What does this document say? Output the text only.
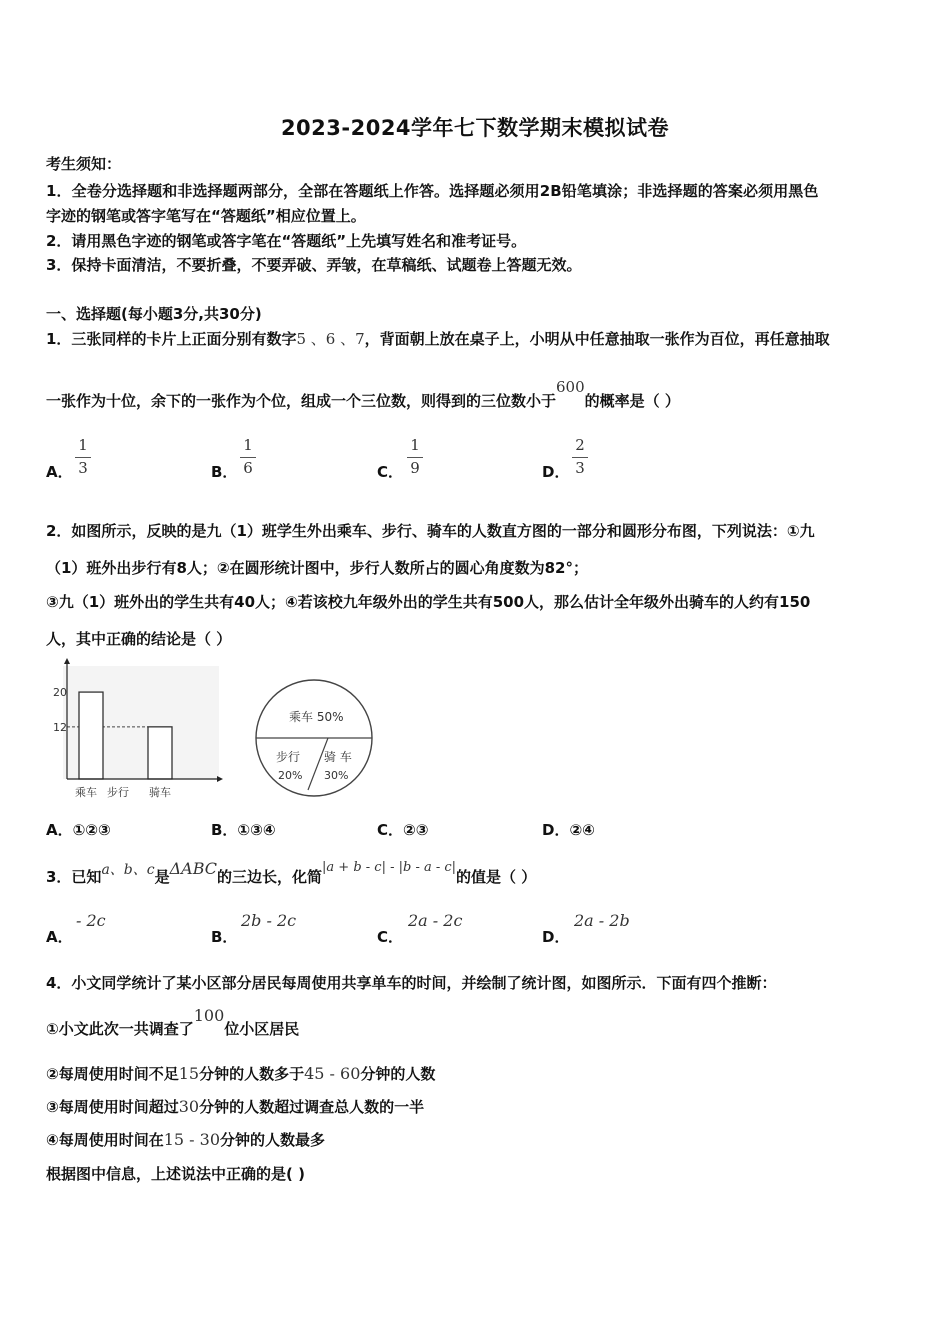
2023-2024学年七下数学期末模拟试卷
考生须知：
1．全卷分选择题和非选择题两部分，全部在答题纸上作答。选择题必须用2B铅笔填涂；非选择题的答案必须用黑色
字迹的钢笔或答字笔写在“答题纸”相应位置上。
2．请用黑色字迹的钢笔或答字笔在“答题纸”上先填写姓名和准考证号。
3．保持卡面清洁，不要折叠，不要弄破、弄皱，在草稿纸、试题卷上答题无效。
一、选择题(每小题3分,共30分)
1．三张同样的卡片上正面分别有数字5 、6 、7，背面朝上放在桌子上，小明从中任意抽取一张作为百位，再任意抽取
一张作为十位，余下的一张作为个位，组成一个三位数，则得到的三位数小于600的概率是（ ）
A．
1
3	B．
1
6	C．
1
9	D．
2
3
2．如图所示，反映的是九（1）班学生外出乘车、步行、骑车的人数直方图的一部分和圆形分布图，下列说法：①九
（1）班外出步行有8人；②在圆形统计图中，步行人数所占的圆心角度数为82°；
③九（1）班外出的学生共有40人；④若该校九年级外出的学生共有500人，那么估计全年级外出骑车的人约有150
人，其中正确的结论是（ ）
20
12
乘车 步行 骑车
乘车 50%
步行
20%
骑 车
30%
A．①②③	B．①③④	C．②③	D．②④
3．已知a、b、c是ΔABC的三边长，化简|a + b - c| - |b - a - c|的值是（ ）
A．
- 2c
B．
2b - 2c
C．
2a - 2c
D．
2a - 2b
4．小文同学统计了某小区部分居民每周使用共享单车的时间，并绘制了统计图，如图所示．下面有四个推断：
①小文此次一共调查了100位小区居民
②每周使用时间不足15分钟的人数多于45 - 60分钟的人数
③每周使用时间超过30分钟的人数超过调查总人数的一半
④每周使用时间在15 - 30分钟的人数最多
根据图中信息，上述说法中正确的是( )
